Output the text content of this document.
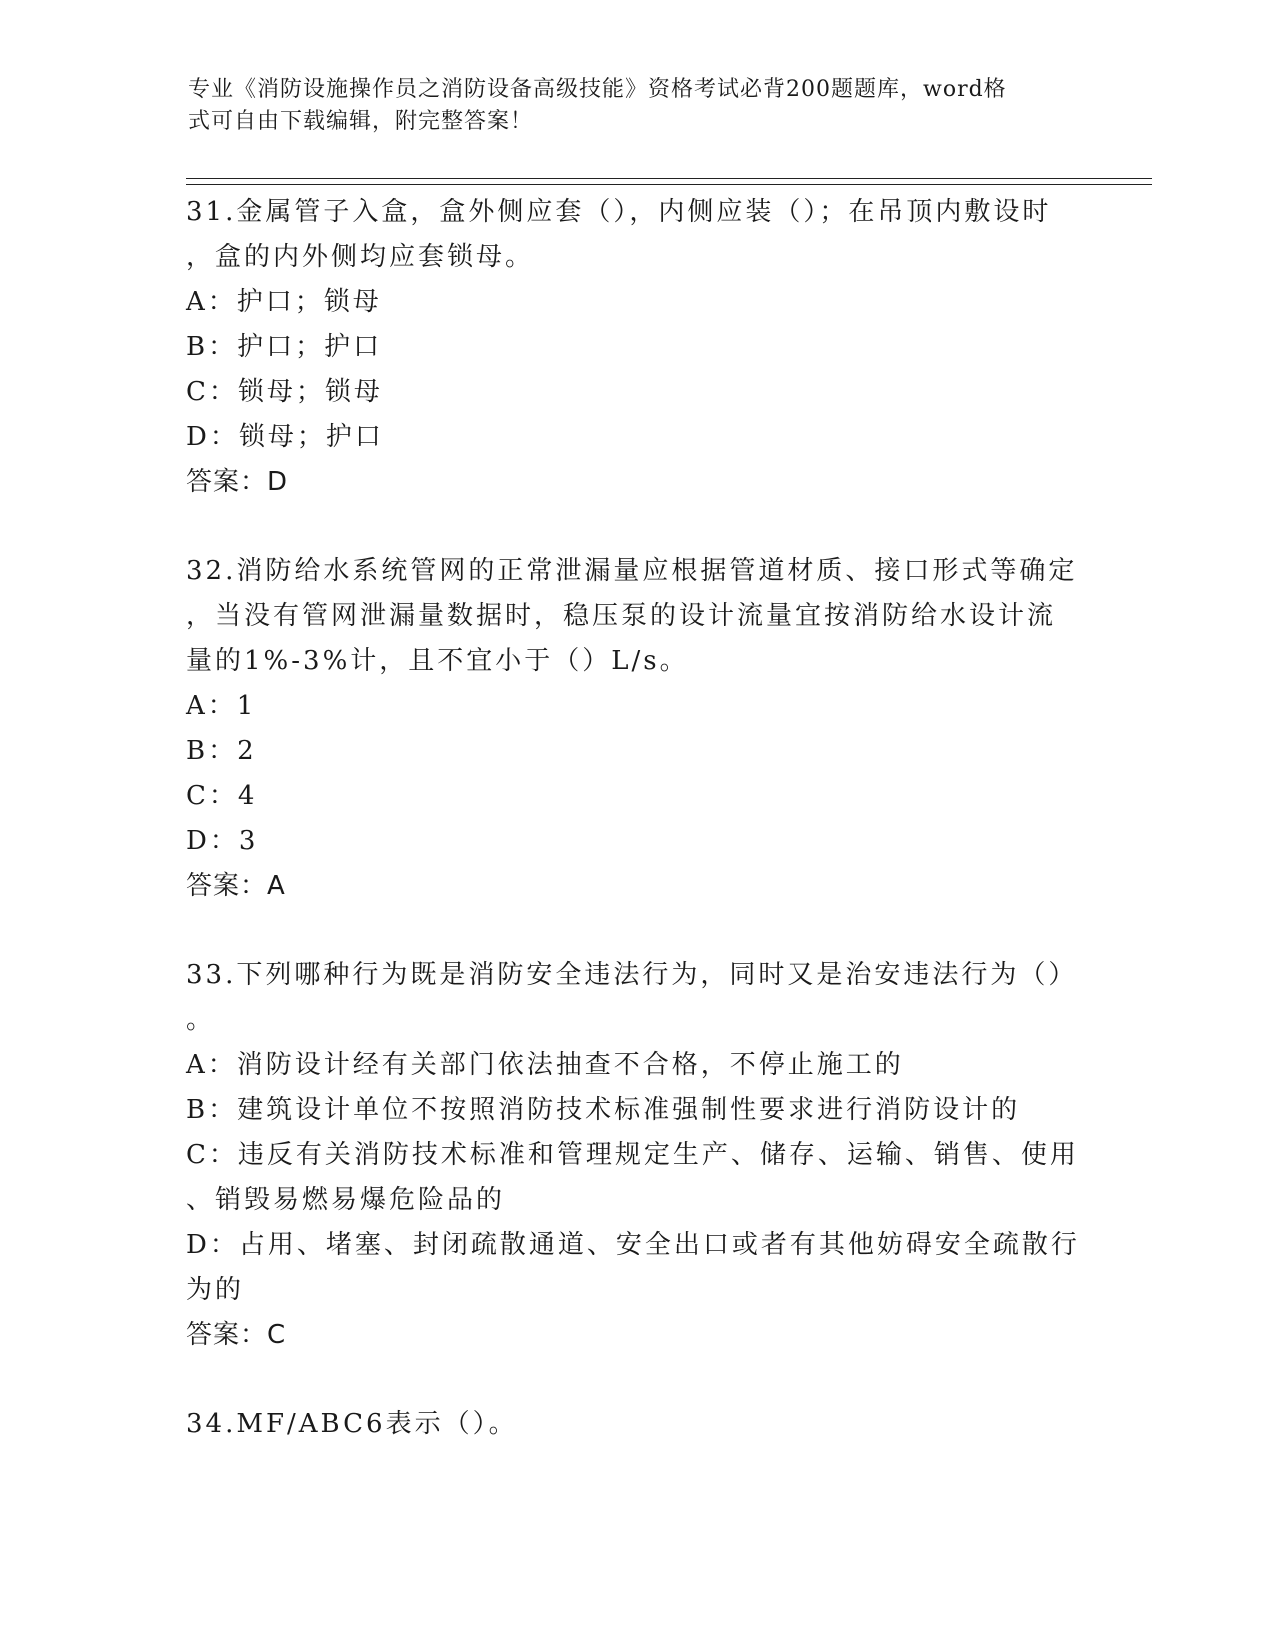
专业《消防设施操作员之消防设备高级技能》资格考试必背200题题库，word格
式可自由下载编辑，附完整答案！
31.金属管子入盒，盒外侧应套（），内侧应装（）；在吊顶内敷设时
，盒的内外侧均应套锁母。
A：护口；锁母
B：护口；护口
C：锁母；锁母
D：锁母；护口
答案：D
32.消防给水系统管网的正常泄漏量应根据管道材质、接口形式等确定
，当没有管网泄漏量数据时，稳压泵的设计流量宜按消防给水设计流
量的1%-3%计，且不宜小于（）L/s。
A：1
B：2
C：4
D：3
答案：A
33.下列哪种行为既是消防安全违法行为，同时又是治安违法行为（）
。
A：消防设计经有关部门依法抽查不合格，不停止施工的
B：建筑设计单位不按照消防技术标准强制性要求进行消防设计的
C：违反有关消防技术标准和管理规定生产、储存、运输、销售、使用
、销毁易燃易爆危险品的
D：占用、堵塞、封闭疏散通道、安全出口或者有其他妨碍安全疏散行
为的
答案：C
34.MF/ABC6表示（）。
